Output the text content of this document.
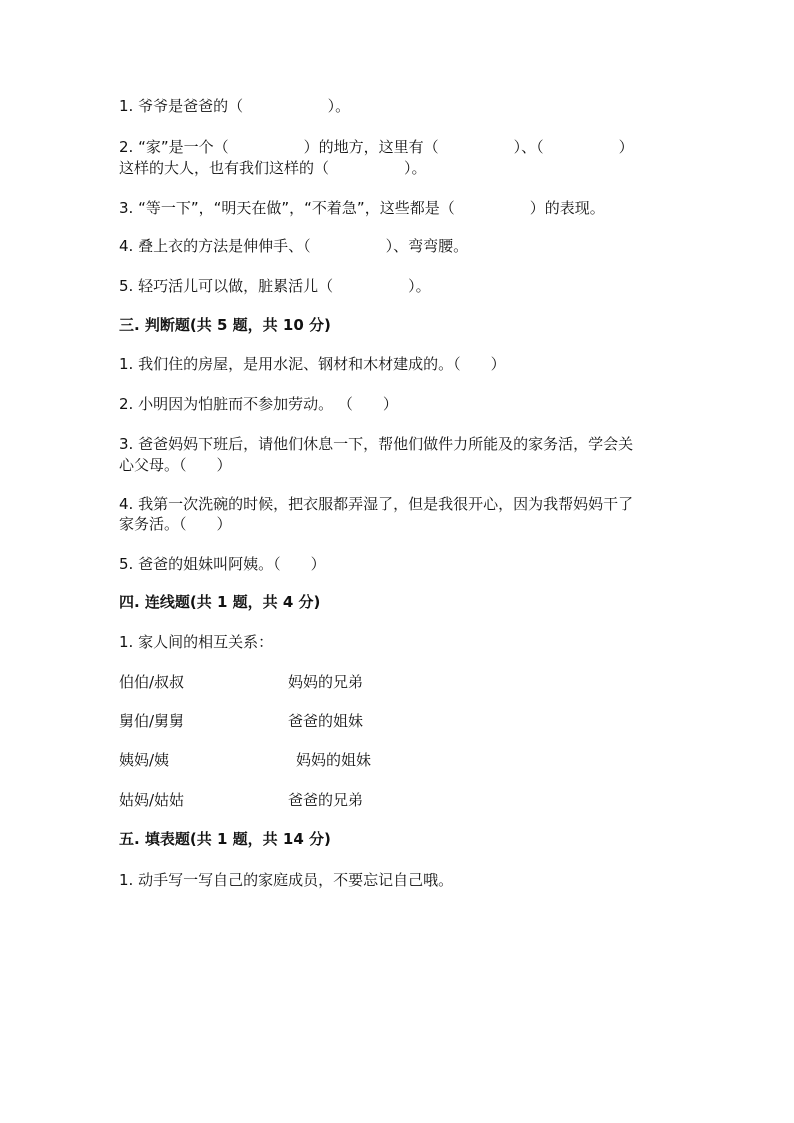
1. 爷爷是爸爸的（ 　　　　　 ）。
2. “家”是一个（　　　　　）的地方，这里有（　　　　　）、（　　　　　）
这样的大人，也有我们这样的（　　　　　）。
3. “等一下”，“明天在做”，“不着急”，这些都是（　　　　　）的表现。
4. 叠上衣的方法是伸伸手、（　　　　　）、弯弯腰。
5. 轻巧活儿可以做，脏累活儿（　　　　　）。
三. 判断题(共 5 题，共 10 分)
1. 我们住的房屋，是用水泥、钢材和木材建成的。（　　）
2. 小明因为怕脏而不参加劳动。 （　　）
3. 爸爸妈妈下班后，请他们休息一下，帮他们做件力所能及的家务活，学会关
心父母。（　　）
4. 我第一次洗碗的时候，把衣服都弄湿了，但是我很开心，因为我帮妈妈干了
家务活。（　　）
5. 爸爸的姐妹叫阿姨。（　　）
四. 连线题(共 1 题，共 4 分)
1. 家人间的相互关系：
伯伯/叔叔	妈妈的兄弟
舅伯/舅舅	爸爸的姐妹
姨妈/姨	妈妈的姐妹
姑妈/姑姑	爸爸的兄弟
五. 填表题(共 1 题，共 14 分)
1. 动手写一写自己的家庭成员，不要忘记自己哦。
